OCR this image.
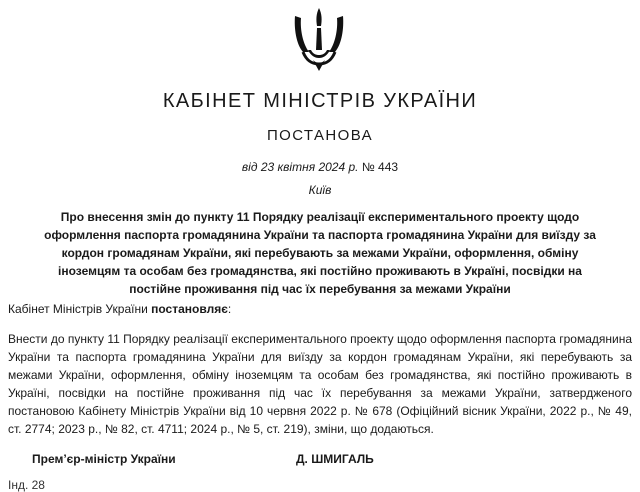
КАБІНЕТ МІНІСТРІВ УКРАЇНИ
ПОСТАНОВА
від 23 квітня 2024 р. № 443
Київ
Про внесення змін до пункту 11 Порядку реалізації експериментального проекту щодо оформлення паспорта громадянина України та паспорта громадянина України для виїзду за кордон громадянам України, які перебувають за межами України, оформлення, обміну іноземцям та особам без громадянства, які постійно проживають в Україні, посвідки на постійне проживання під час їх перебування за межами України
Кабінет Міністрів України постановляє:
Внести до пункту 11 Порядку реалізації експериментального проекту щодо оформлення паспорта громадянина України та паспорта громадянина України для виїзду за кордон громадянам України, які перебувають за межами України, оформлення, обміну іноземцям та особам без громадянства, які постійно проживають в Україні, посвідки на постійне проживання під час їх перебування за межами України, затвердженого постановою Кабінету Міністрів України від 10 червня 2022 р. № 678 (Офіційний вісник України, 2022 р., № 49, ст. 2774; 2023 р., № 82, ст. 4711; 2024 р., № 5, ст. 219), зміни, що додаються.
Прем’єр-міністр України	Д. ШМИГАЛЬ
Інд. 28
